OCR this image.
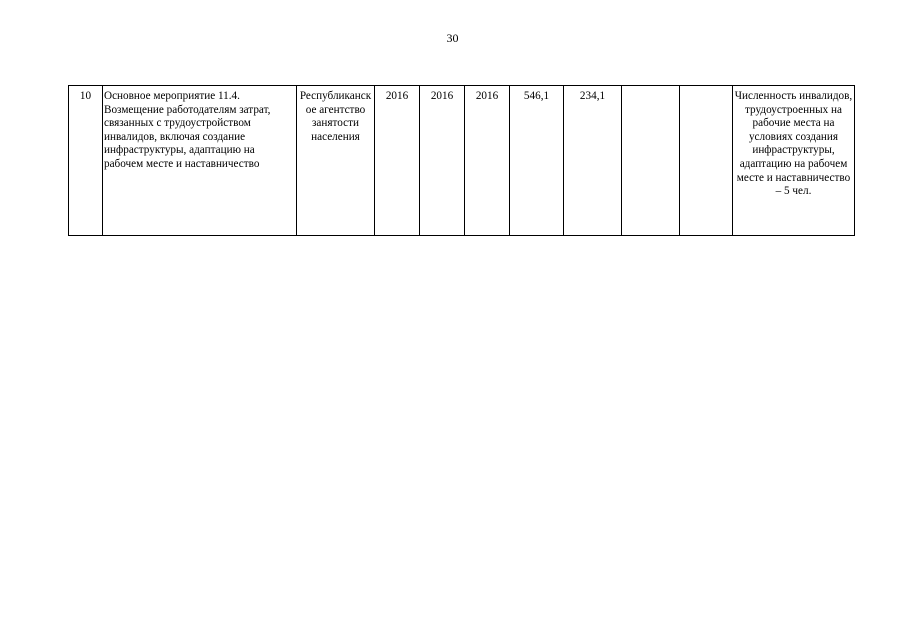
30
10	Основное мероприятие 11.4. Возмещение работодателям затрат, связанных с трудоустройством инвалидов, включая создание инфраструктуры, адаптацию на рабочем месте и наставничество	Республиканское агентство занятости населения	2016	2016	2016	546,1	234,1			Численность инвалидов, трудоустроенных на рабочие места на условиях создания инфраструктуры, адаптацию на рабочем месте и наставничество – 5 чел.
